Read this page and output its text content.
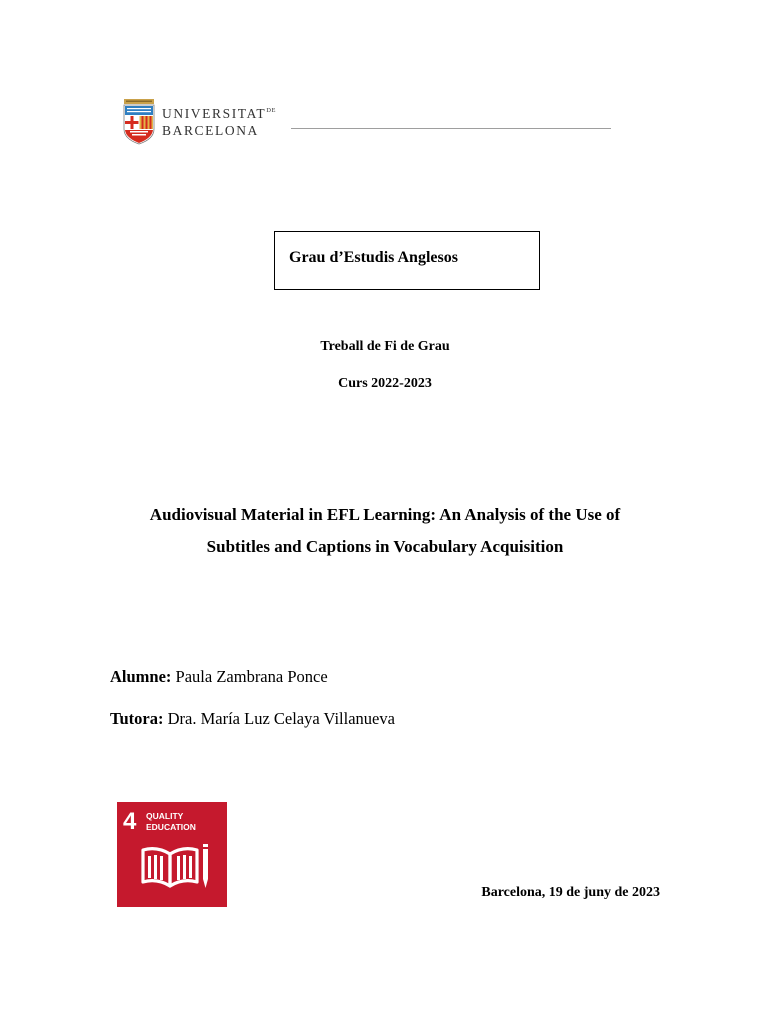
$UNIVERSITAT^{DE}$
BARCELONA
Grau d’Estudis Anglesos
Treball de Fi de Grau
Curs 2022-2023
Audiovisual Material in EFL Learning: An Analysis of the Use of
Subtitles and Captions in Vocabulary Acquisition
Alumne: Paula Zambrana Ponce
Tutora: Dra. María Luz Celaya Villanueva
4 QUALITY
EDUCATION
Barcelona, 19 de juny de 2023
